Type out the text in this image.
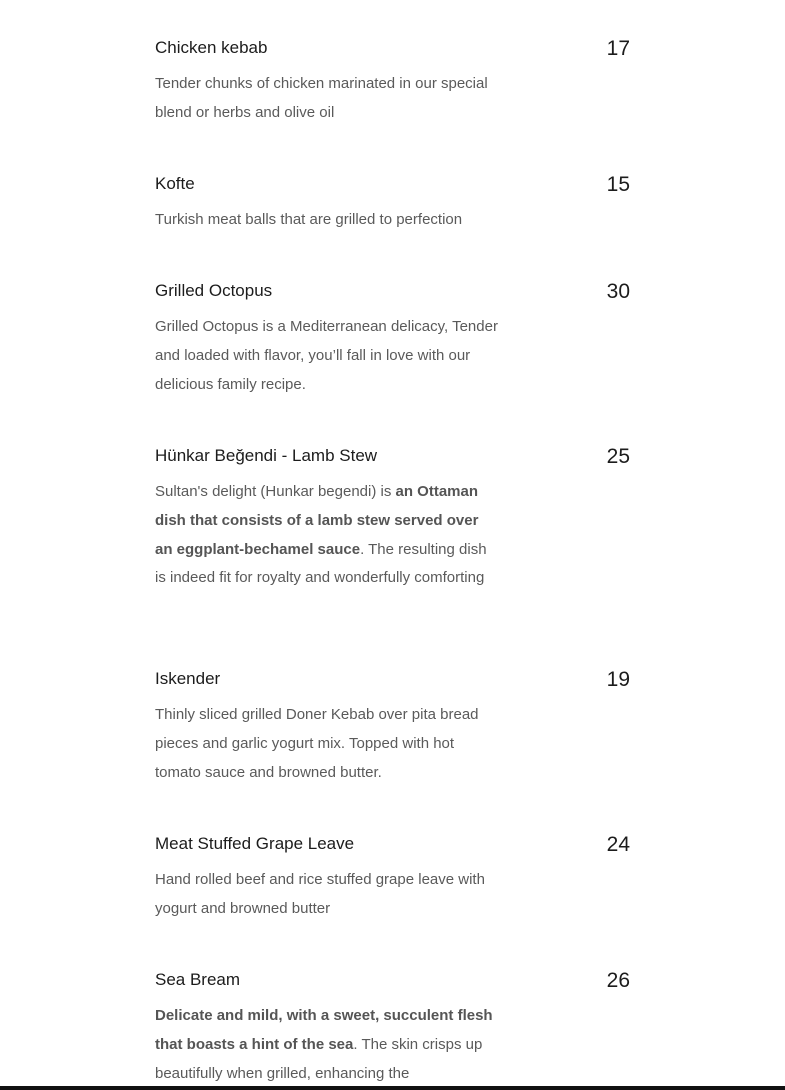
Chicken kebab	17
Tender chunks of chicken marinated in our special blend or herbs and olive oil
Kofte	15
Turkish meat balls that are grilled to perfection
Grilled Octopus	30
Grilled Octopus is a Mediterranean delicacy, Tender and loaded with flavor, you’ll fall in love with our delicious family recipe.
Hünkar Beğendi - Lamb Stew	25
Sultan's delight (Hunkar begendi) is an Ottaman dish that consists of a lamb stew served over an eggplant-bechamel sauce. The resulting dish is indeed fit for royalty and wonderfully comforting
Iskender	19
Thinly sliced grilled Doner Kebab over pita bread pieces and garlic yogurt mix. Topped with hot tomato sauce and browned butter.
Meat Stuffed Grape Leave	24
Hand rolled beef and rice stuffed grape leave with yogurt and browned butter
Sea Bream	26
Delicate and mild, with a sweet, succulent flesh that boasts a hint of the sea. The skin crisps up beautifully when grilled, enhancing the
